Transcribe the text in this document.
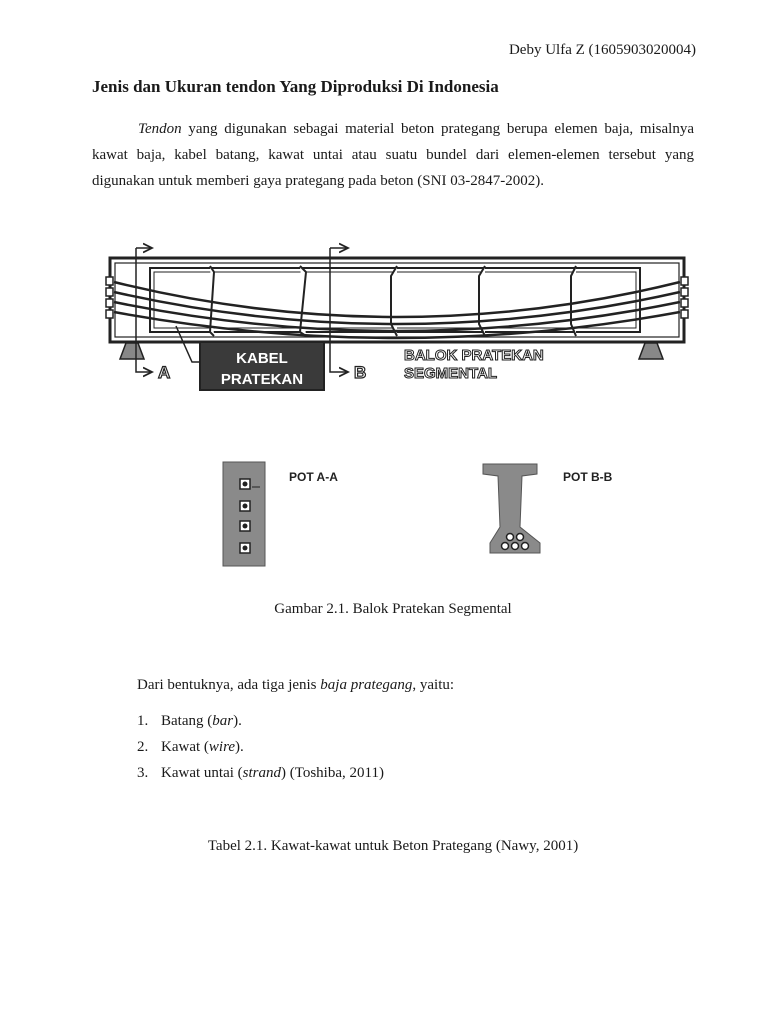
Deby Ulfa Z (1605903020004)
Jenis dan Ukuran tendon Yang Diproduksi Di Indonesia

Tendon yang digunakan sebagai material beton prategang berupa elemen baja, misalnya kawat baja, kabel batang, kawat untai atau suatu bundel dari elemen-elemen tersebut yang digunakan untuk memberi gaya prategang pada beton (SNI 03-2847-2002).

A	B
KABEL
PRATEKAN
BALOK PRATEKAN
SEGMENTAL
POT A-A	POT B-B
Gambar 2.1. Balok Pratekan Segmental
Dari bentuknya, ada tiga jenis baja prategang, yaitu:
1. Batang (bar).
2. Kawat (wire).
3. Kawat untai (strand) (Toshiba, 2011)
Tabel 2.1. Kawat-kawat untuk Beton Prategang (Nawy, 2001)
